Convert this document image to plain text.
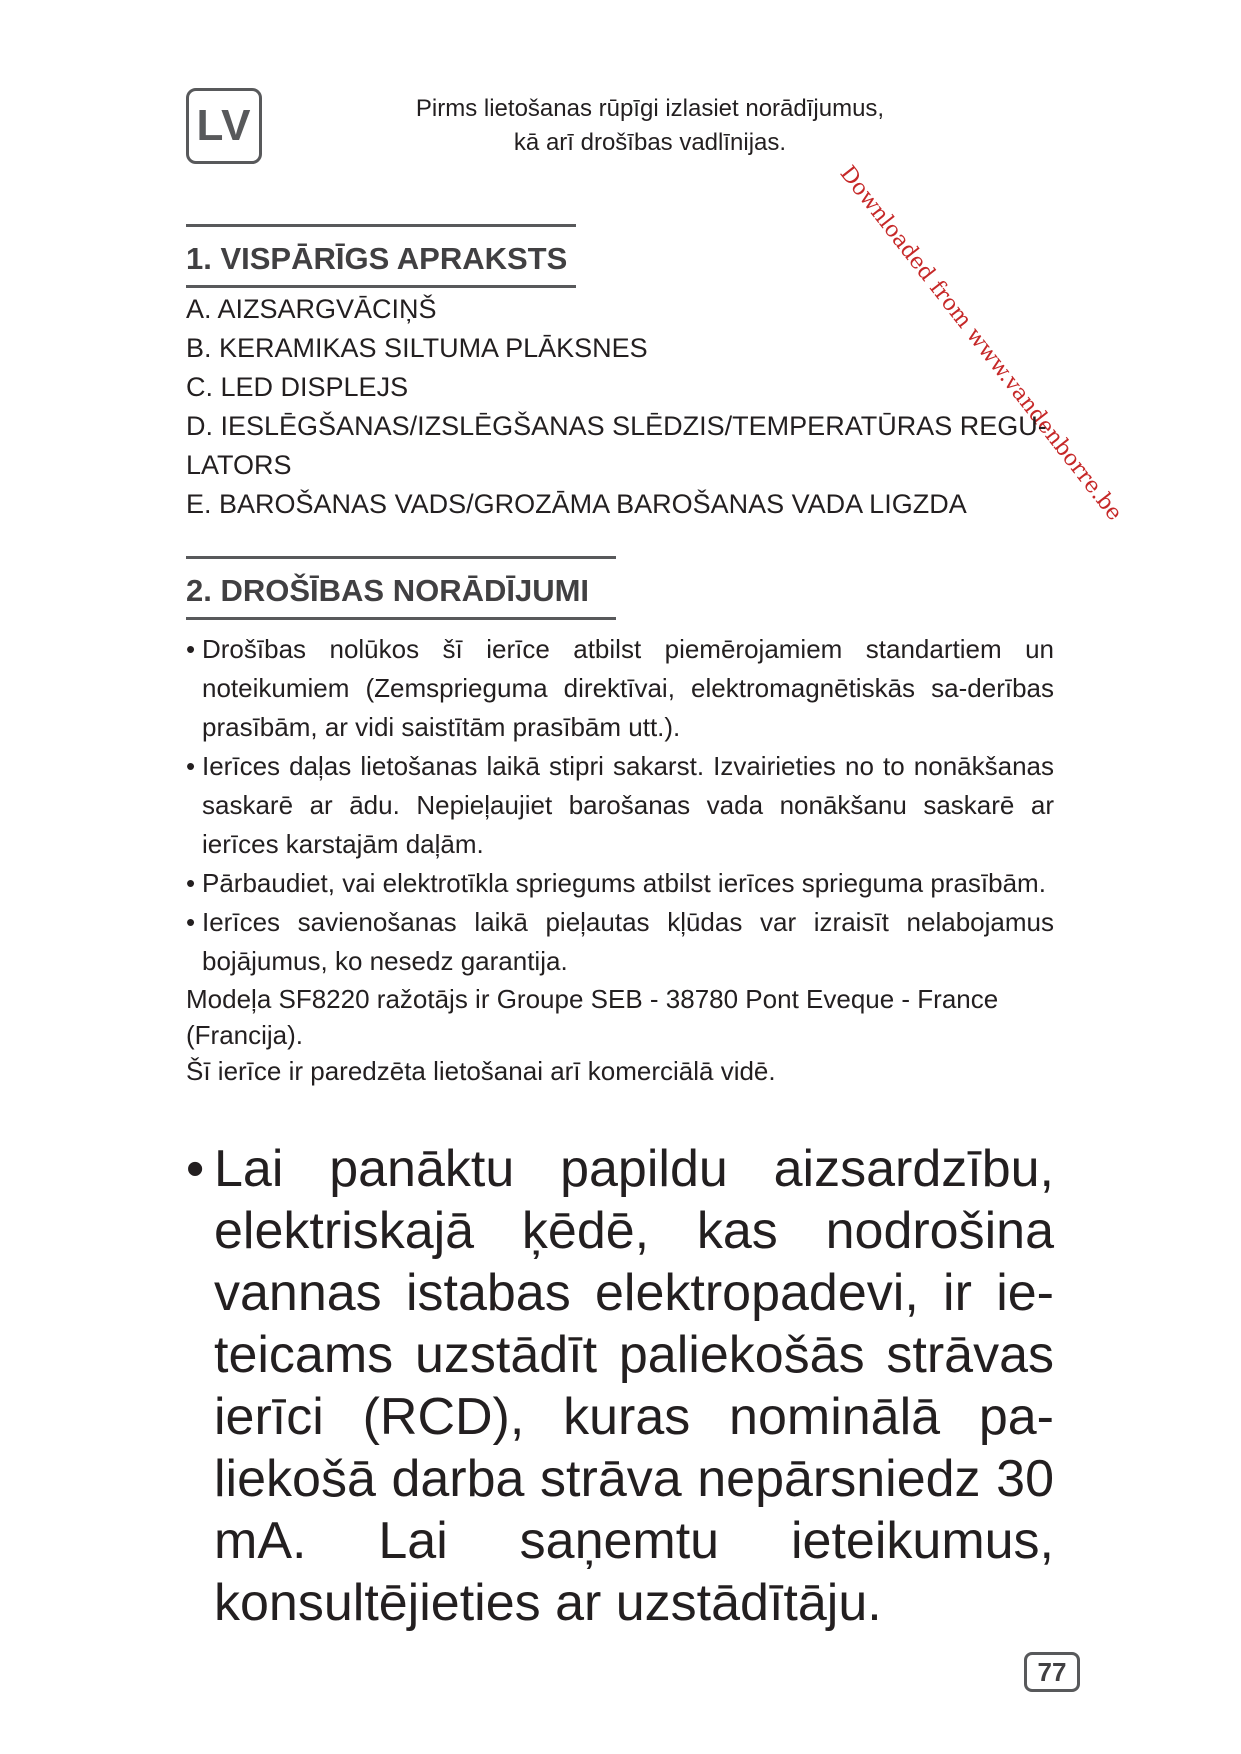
LV	Pirms lietošanas rūpīgi izlasiet norādījumus,
kā arī drošības vadlīnijas.
Downloaded from www.vandenborre.be
1. VISPĀRĪGS APRAKSTS
A. AIZSARGVĀCIŅŠ
B. KERAMIKAS SILTUMA PLĀKSNES
C. LED DISPLEJS
D. IESLĒGŠANAS/IZSLĒGŠANAS SLĒDZIS/TEMPERATŪRAS REGU-
LATORS
E. BAROŠANAS VADS/GROZĀMA BAROŠANAS VADA LIGZDA
2. DROŠĪBAS NORĀDĪJUMI
• Drošības nolūkos šī ierīce atbilst piemērojamiem standartiem un noteikumiem (Zemsprieguma direktīvai, elektromagnētiskās sa-derības prasībām, ar vidi saistītām prasībām utt.).
• Ierīces daļas lietošanas laikā stipri sakarst. Izvairieties no to nonākšanas saskarē ar ādu. Nepieļaujiet barošanas vada nonākšanu saskarē ar ierīces karstajām daļām.
• Pārbaudiet, vai elektrotīkla spriegums atbilst ierīces sprieguma prasībām.
• Ierīces savienošanas laikā pieļautas kļūdas var izraisīt nelabojamus bojājumus, ko nesedz garantija.
Modeļa SF8220 ražotājs ir Groupe SEB - 38780 Pont Eveque - France (Francija).
Šī ierīce ir paredzēta lietošanai arī komerciālā vidē.
• Lai panāktu papildu aizsardzību, elektriskajā ķēdē, kas nodrošina vannas istabas elektropadevi, ir ie-teicams uzstādīt paliekošās strāvas ierīci (RCD), kuras nominālā pa-liekošā darba strāva nepārsniedz 30 mA. Lai saņemtu ieteikumus, konsultējieties ar uzstādītāju.
77
